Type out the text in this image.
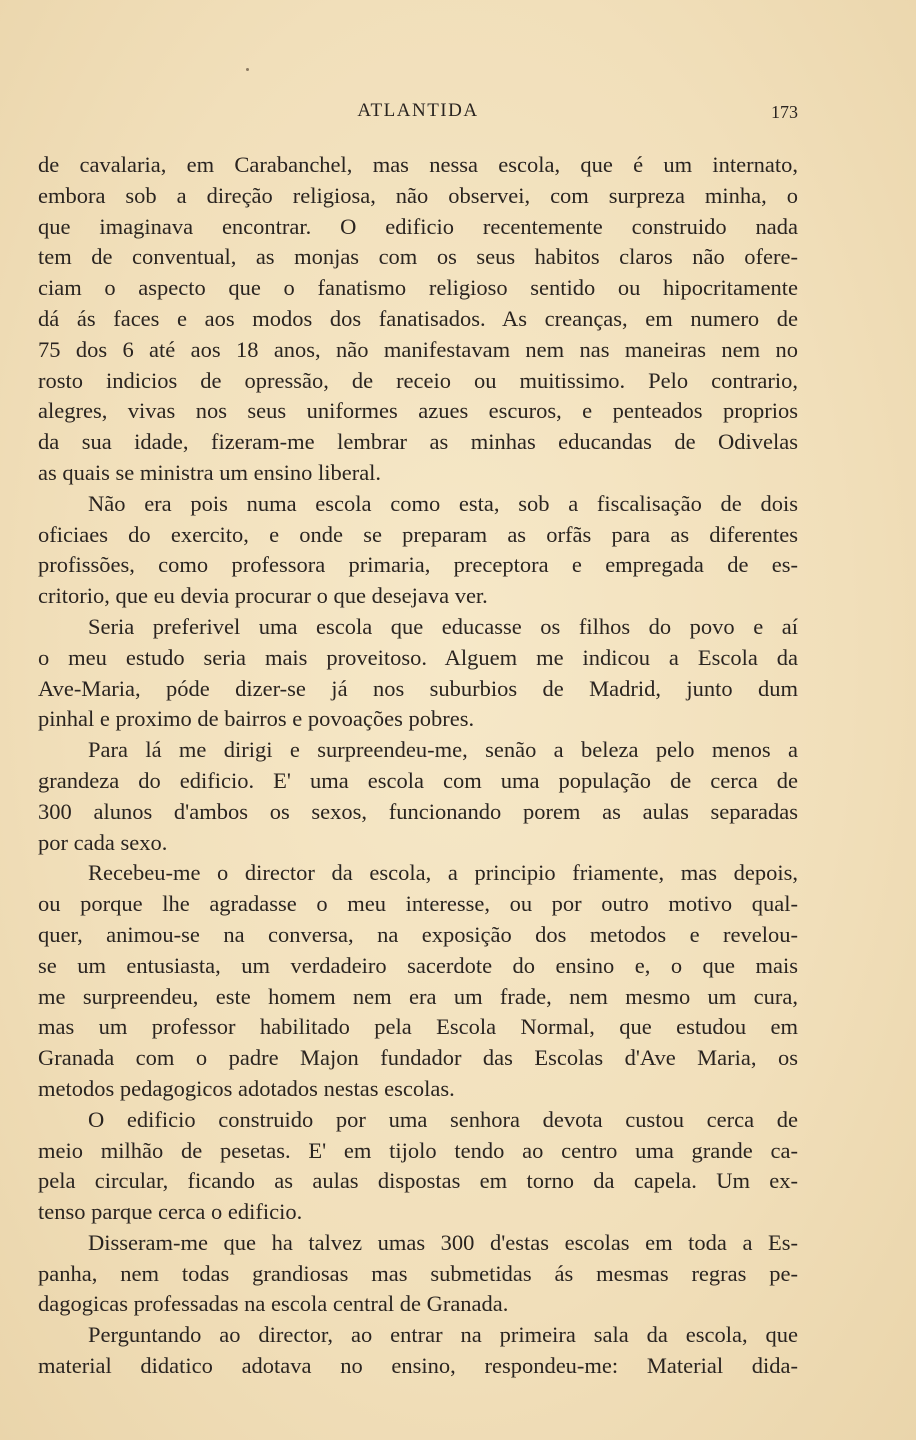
ATLANTIDA	173
de cavalaria, em Carabanchel, mas nessa escola, que é um internato,
embora sob a direção religiosa, não observei, com surpreza minha, o
que imaginava encontrar. O edificio recentemente construido nada
tem de conventual, as monjas com os seus habitos claros não ofere-
ciam o aspecto que o fanatismo religioso sentido ou hipocritamente
dá ás faces e aos modos dos fanatisados. As creanças, em numero de
75 dos 6 até aos 18 anos, não manifestavam nem nas maneiras nem no
rosto indicios de opressão, de receio ou muitissimo. Pelo contrario,
alegres, vivas nos seus uniformes azues escuros, e penteados proprios
da sua idade, fizeram-me lembrar as minhas educandas de Odivelas
as quais se ministra um ensino liberal.
Não era pois numa escola como esta, sob a fiscalisação de dois
oficiaes do exercito, e onde se preparam as orfãs para as diferentes
profissões, como professora primaria, preceptora e empregada de es-
critorio, que eu devia procurar o que desejava ver.
Seria preferivel uma escola que educasse os filhos do povo e aí
o meu estudo seria mais proveitoso. Alguem me indicou a Escola da
Ave-Maria, póde dizer-se já nos suburbios de Madrid, junto dum
pinhal e proximo de bairros e povoações pobres.
Para lá me dirigi e surpreendeu-me, senão a beleza pelo menos a
grandeza do edificio. E' uma escola com uma população de cerca de
300 alunos d'ambos os sexos, funcionando porem as aulas separadas
por cada sexo.
Recebeu-me o director da escola, a principio friamente, mas depois,
ou porque lhe agradasse o meu interesse, ou por outro motivo qual-
quer, animou-se na conversa, na exposição dos metodos e revelou-
se um entusiasta, um verdadeiro sacerdote do ensino e, o que mais
me surpreendeu, este homem nem era um frade, nem mesmo um cura,
mas um professor habilitado pela Escola Normal, que estudou em
Granada com o padre Majon fundador das Escolas d'Ave Maria, os
metodos pedagogicos adotados nestas escolas.
O edificio construido por uma senhora devota custou cerca de
meio milhão de pesetas. E' em tijolo tendo ao centro uma grande ca-
pela circular, ficando as aulas dispostas em torno da capela. Um ex-
tenso parque cerca o edificio.
Disseram-me que ha talvez umas 300 d'estas escolas em toda a Es-
panha, nem todas grandiosas mas submetidas ás mesmas regras pe-
dagogicas professadas na escola central de Granada.
Perguntando ao director, ao entrar na primeira sala da escola, que
material didatico adotava no ensino, respondeu-me: Material dida-
